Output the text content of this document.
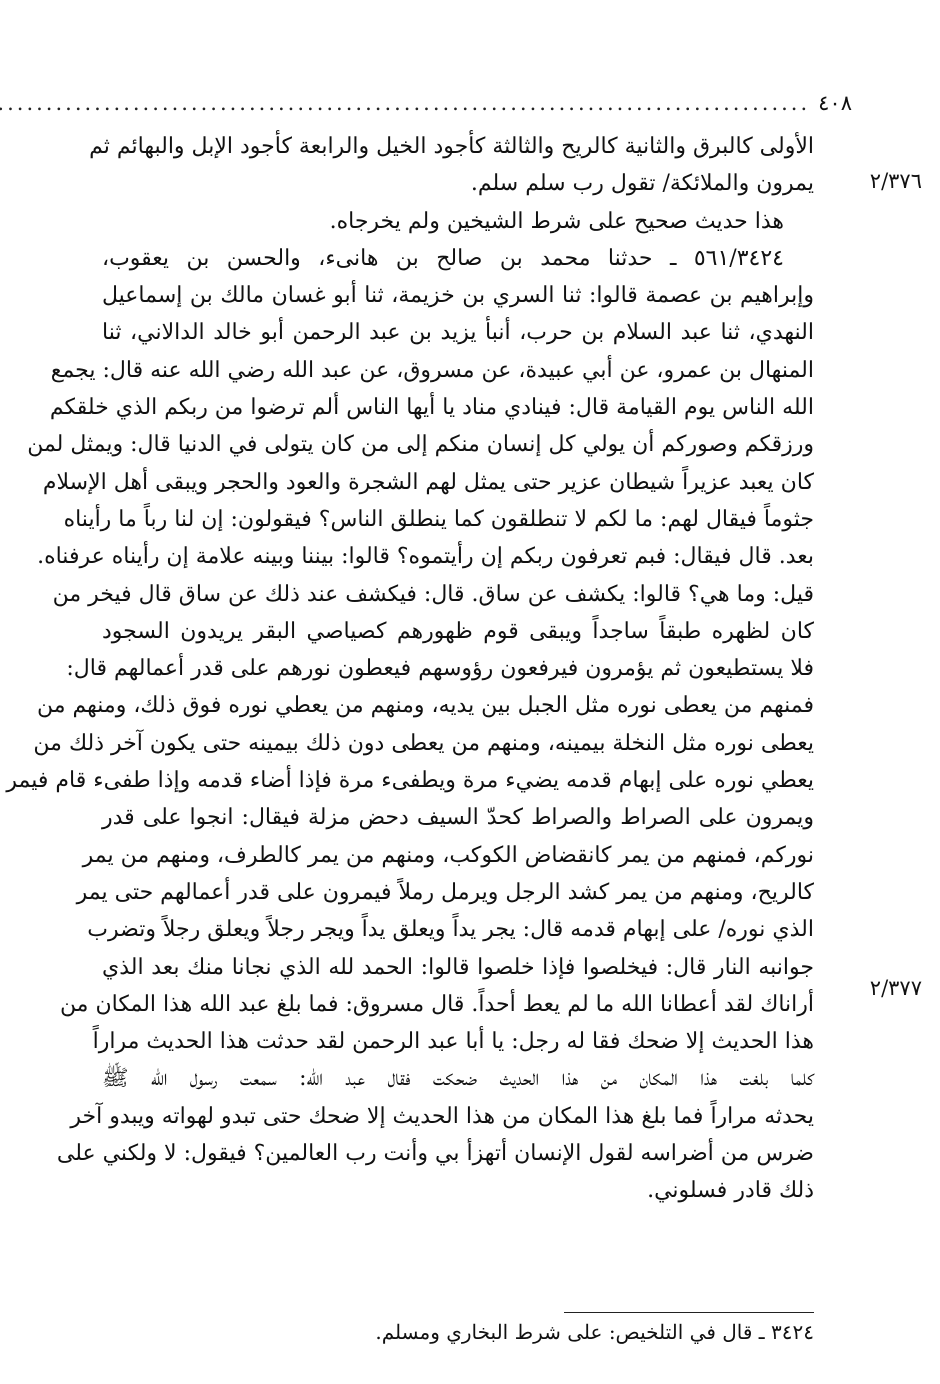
٤٠٨
.....
٢/٣٧٦
٢/٣٧٧
الأولى كالبرق والثانية كالريح والثالثة كأجود الخيل والرابعة كأجود الإبل والبهائم ثم
يمرون والملائكة/ تقول رب سلم سلم.
هذا حديث صحيح على شرط الشيخين ولم يخرجاه.
٥٦١/٣٤٢٤ ـ حدثنا محمد بن صالح بن هانىء، والحسن بن يعقوب،
وإبراهيم بن عصمة قالوا: ثنا السري بن خزيمة، ثنا أبو غسان مالك بن إسماعيل
النهدي، ثنا عبد السلام بن حرب، أنبأ يزيد بن عبد الرحمن أبو خالد الدالاني، ثنا
المنهال بن عمرو، عن أبي عبيدة، عن مسروق، عن عبد الله رضي الله عنه قال: يجمع
الله الناس يوم القيامة قال: فينادي مناد يا أيها الناس ألم ترضوا من ربكم الذي خلقكم
ورزقكم وصوركم أن يولي كل إنسان منكم إلى من كان يتولى في الدنيا قال: ويمثل لمن
كان يعبد عزيراً شيطان عزير حتى يمثل لهم الشجرة والعود والحجر ويبقى أهل الإسلام
جثوماً فيقال لهم: ما لكم لا تنطلقون كما ينطلق الناس؟ فيقولون: إن لنا رباً ما رأيناه
بعد. قال فيقال: فبم تعرفون ربكم إن رأيتموه؟ قالوا: بيننا وبينه علامة إن رأيناه عرفناه.
قيل: وما هي؟ قالوا: يكشف عن ساق. قال: فيكشف عند ذلك عن ساق قال فيخر من
كان لظهره طبقاً ساجداً ويبقى قوم ظهورهم كصياصي البقر يريدون السجود
فلا يستطيعون ثم يؤمرون فيرفعون رؤوسهم فيعطون نورهم على قدر أعمالهم قال:
فمنهم من يعطى نوره مثل الجبل بين يديه، ومنهم من يعطي نوره فوق ذلك، ومنهم من
يعطى نوره مثل النخلة بيمينه، ومنهم من يعطى دون ذلك بيمينه حتى يكون آخر ذلك من
يعطي نوره على إبهام قدمه يضيء مرة ويطفىء مرة فإذا أضاء قدمه وإذا طفىء قام فيمر
ويمرون على الصراط والصراط كحدّ السيف دحض مزلة فيقال: انجوا على قدر
نوركم، فمنهم من يمر كانقضاض الكوكب، ومنهم من يمر كالطرف، ومنهم من يمر
كالريح، ومنهم من يمر كشد الرجل ويرمل رملاً فيمرون على قدر أعمالهم حتى يمر
الذي نوره/ على إبهام قدمه قال: يجر يداً ويعلق يداً ويجر رجلاً ويعلق رجلاً وتضرب
جوانبه النار قال: فيخلصوا فإذا خلصوا قالوا: الحمد لله الذي نجانا منك بعد الذي
أراناك لقد أعطانا الله ما لم يعط أحداً. قال مسروق: فما بلغ عبد الله هذا المكان من
هذا الحديث إلا ضحك فقا له رجل: يا أبا عبد الرحمن لقد حدثت هذا الحديث مراراً
كلما بلغت هذا المكان من هذا الحديث ضحكت فقال عبد الله: سمعت رسول الله ﷺ
يحدثه مراراً فما بلغ هذا المكان من هذا الحديث إلا ضحك حتى تبدو لهواته ويبدو آخر
ضرس من أضراسه لقول الإنسان أتهزأ بي وأنت رب العالمين؟ فيقول: لا ولكني على
ذلك قادر فسلوني.
٣٤٢٤ ـ قال في التلخيص: على شرط البخاري ومسلم.
